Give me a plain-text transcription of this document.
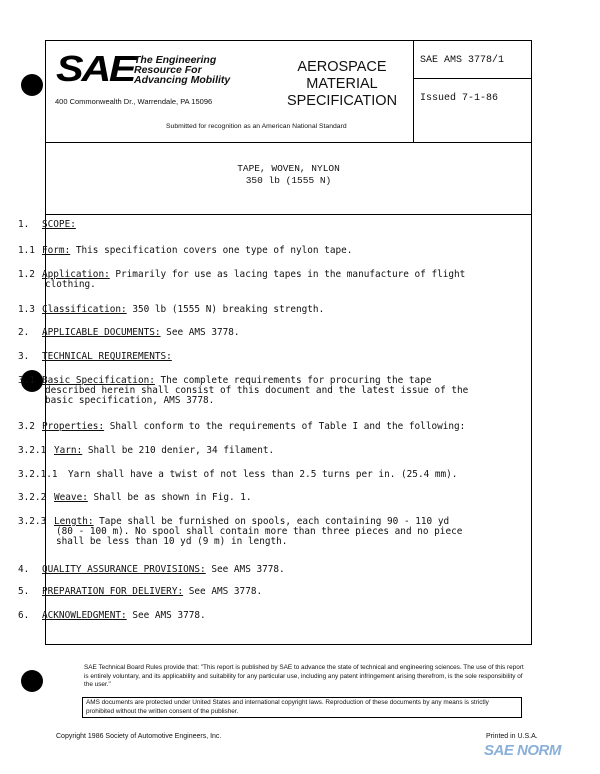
SAE The Engineering
Resource For
Advancing Mobility
400 Commonwealth Dr., Warrendale, PA 15096
AEROSPACE
MATERIAL
SPECIFICATION
Submitted for recognition as an American National Standard
SAE AMS 3778/1
Issued 7-1-86
TAPE, WOVEN, NYLON
350 lb (1555 N)
1. SCOPE:
1.1 Form: This specification covers one type of nylon tape.
1.2 Application: Primarily for use as lacing tapes in the manufacture of flight
clothing.
1.3 Classification: 350 lb (1555 N) breaking strength.
2. APPLICABLE DOCUMENTS: See AMS 3778.
3. TECHNICAL REQUIREMENTS:
3.1 Basic Specification: The complete requirements for procuring the tape
described herein shall consist of this document and the latest issue of the
basic specification, AMS 3778.
3.2 Properties: Shall conform to the requirements of Table I and the following:
3.2.1 Yarn: Shall be 210 denier, 34 filament.
3.2.1.1 Yarn shall have a twist of not less than 2.5 turns per in. (25.4 mm).
3.2.2 Weave: Shall be as shown in Fig. 1.
3.2.3 Length: Tape shall be furnished on spools, each containing 90 - 110 yd
(80 - 100 m). No spool shall contain more than three pieces and no piece
shall be less than 10 yd (9 m) in length.
4. QUALITY ASSURANCE PROVISIONS: See AMS 3778.
5. PREPARATION FOR DELIVERY: See AMS 3778.
6. ACKNOWLEDGMENT: See AMS 3778.
SAE Technical Board Rules provide that: "This report is published by SAE to advance the state of technical and engineering sciences. The use of this report is entirely voluntary, and its applicability and suitability for any particular use, including any patent infringement arising therefrom, is the sole responsibility of the user."
AMS documents are protected under United States and international copyright laws. Reproduction of these documents by any means is strictly prohibited without the written consent of the publisher.
Copyright 1986 Society of Automotive Engineers, Inc.	Printed in U.S.A.
SAE NORM
